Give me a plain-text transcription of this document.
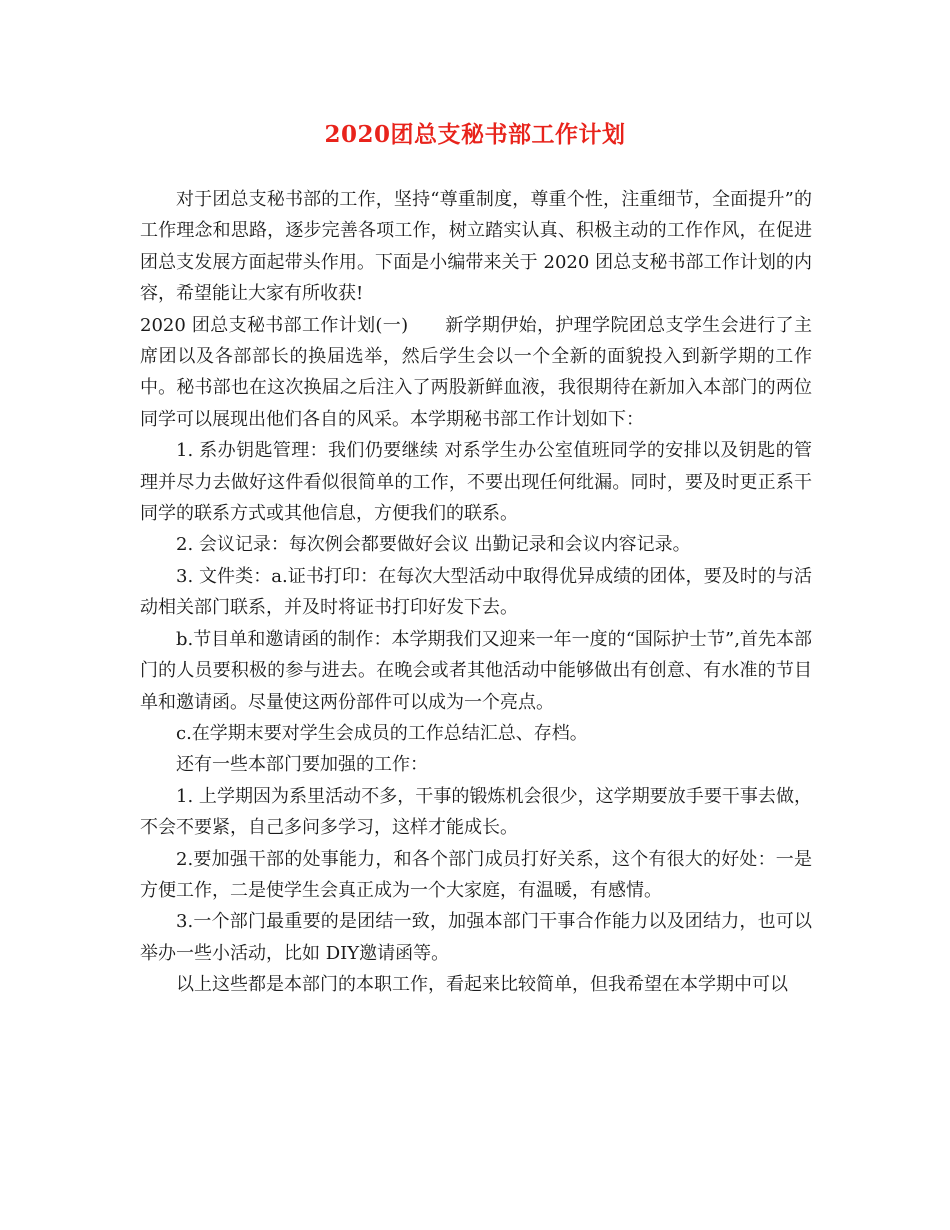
2020团总支秘书部工作计划

对于团总支秘书部的工作，坚持“尊重制度，尊重个性，注重细节，全面提升”的工作理念和思路，逐步完善各项工作，树立踏实认真、积极主动的工作作风，在促进团总支发展方面起带头作用。下面是小编带来关于 2020 团总支秘书部工作计划的内容，希望能让大家有所收获!

2020 团总支秘书部工作计划(一)　　新学期伊始，护理学院团总支学生会进行了主席团以及各部部长的换届选举，然后学生会以一个全新的面貌投入到新学期的工作中。秘书部也在这次换届之后注入了两股新鲜血液，我很期待在新加入本部门的两位同学可以展现出他们各自的风采。本学期秘书部工作计划如下：

1. 系办钥匙管理：我们仍要继续 对系学生办公室值班同学的安排以及钥匙的管理并尽力去做好这件看似很简单的工作，不要出现任何纰漏。同时，要及时更正系干同学的联系方式或其他信息，方便我们的联系。

2. 会议记录：每次例会都要做好会议 出勤记录和会议内容记录。

3. 文件类：a.证书打印：在每次大型活动中取得优异成绩的团体，要及时的与活动相关部门联系，并及时将证书打印好发下去。

b.节目单和邀请函的制作：本学期我们又迎来一年一度的“国际护士节”,首先本部门的人员要积极的参与进去。在晚会或者其他活动中能够做出有创意、有水准的节目单和邀请函。尽量使这两份部件可以成为一个亮点。

c.在学期末要对学生会成员的工作总结汇总、存档。

还有一些本部门要加强的工作：

1. 上学期因为系里活动不多，干事的锻炼机会很少，这学期要放手要干事去做，不会不要紧，自己多问多学习，这样才能成长。

2.要加强干部的处事能力，和各个部门成员打好关系，这个有很大的好处：一是方便工作，二是使学生会真正成为一个大家庭，有温暖，有感情。

3.一个部门最重要的是团结一致，加强本部门干事合作能力以及团结力，也可以举办一些小活动，比如 DIY邀请函等。

以上这些都是本部门的本职工作，看起来比较简单，但我希望在本学期中可以
